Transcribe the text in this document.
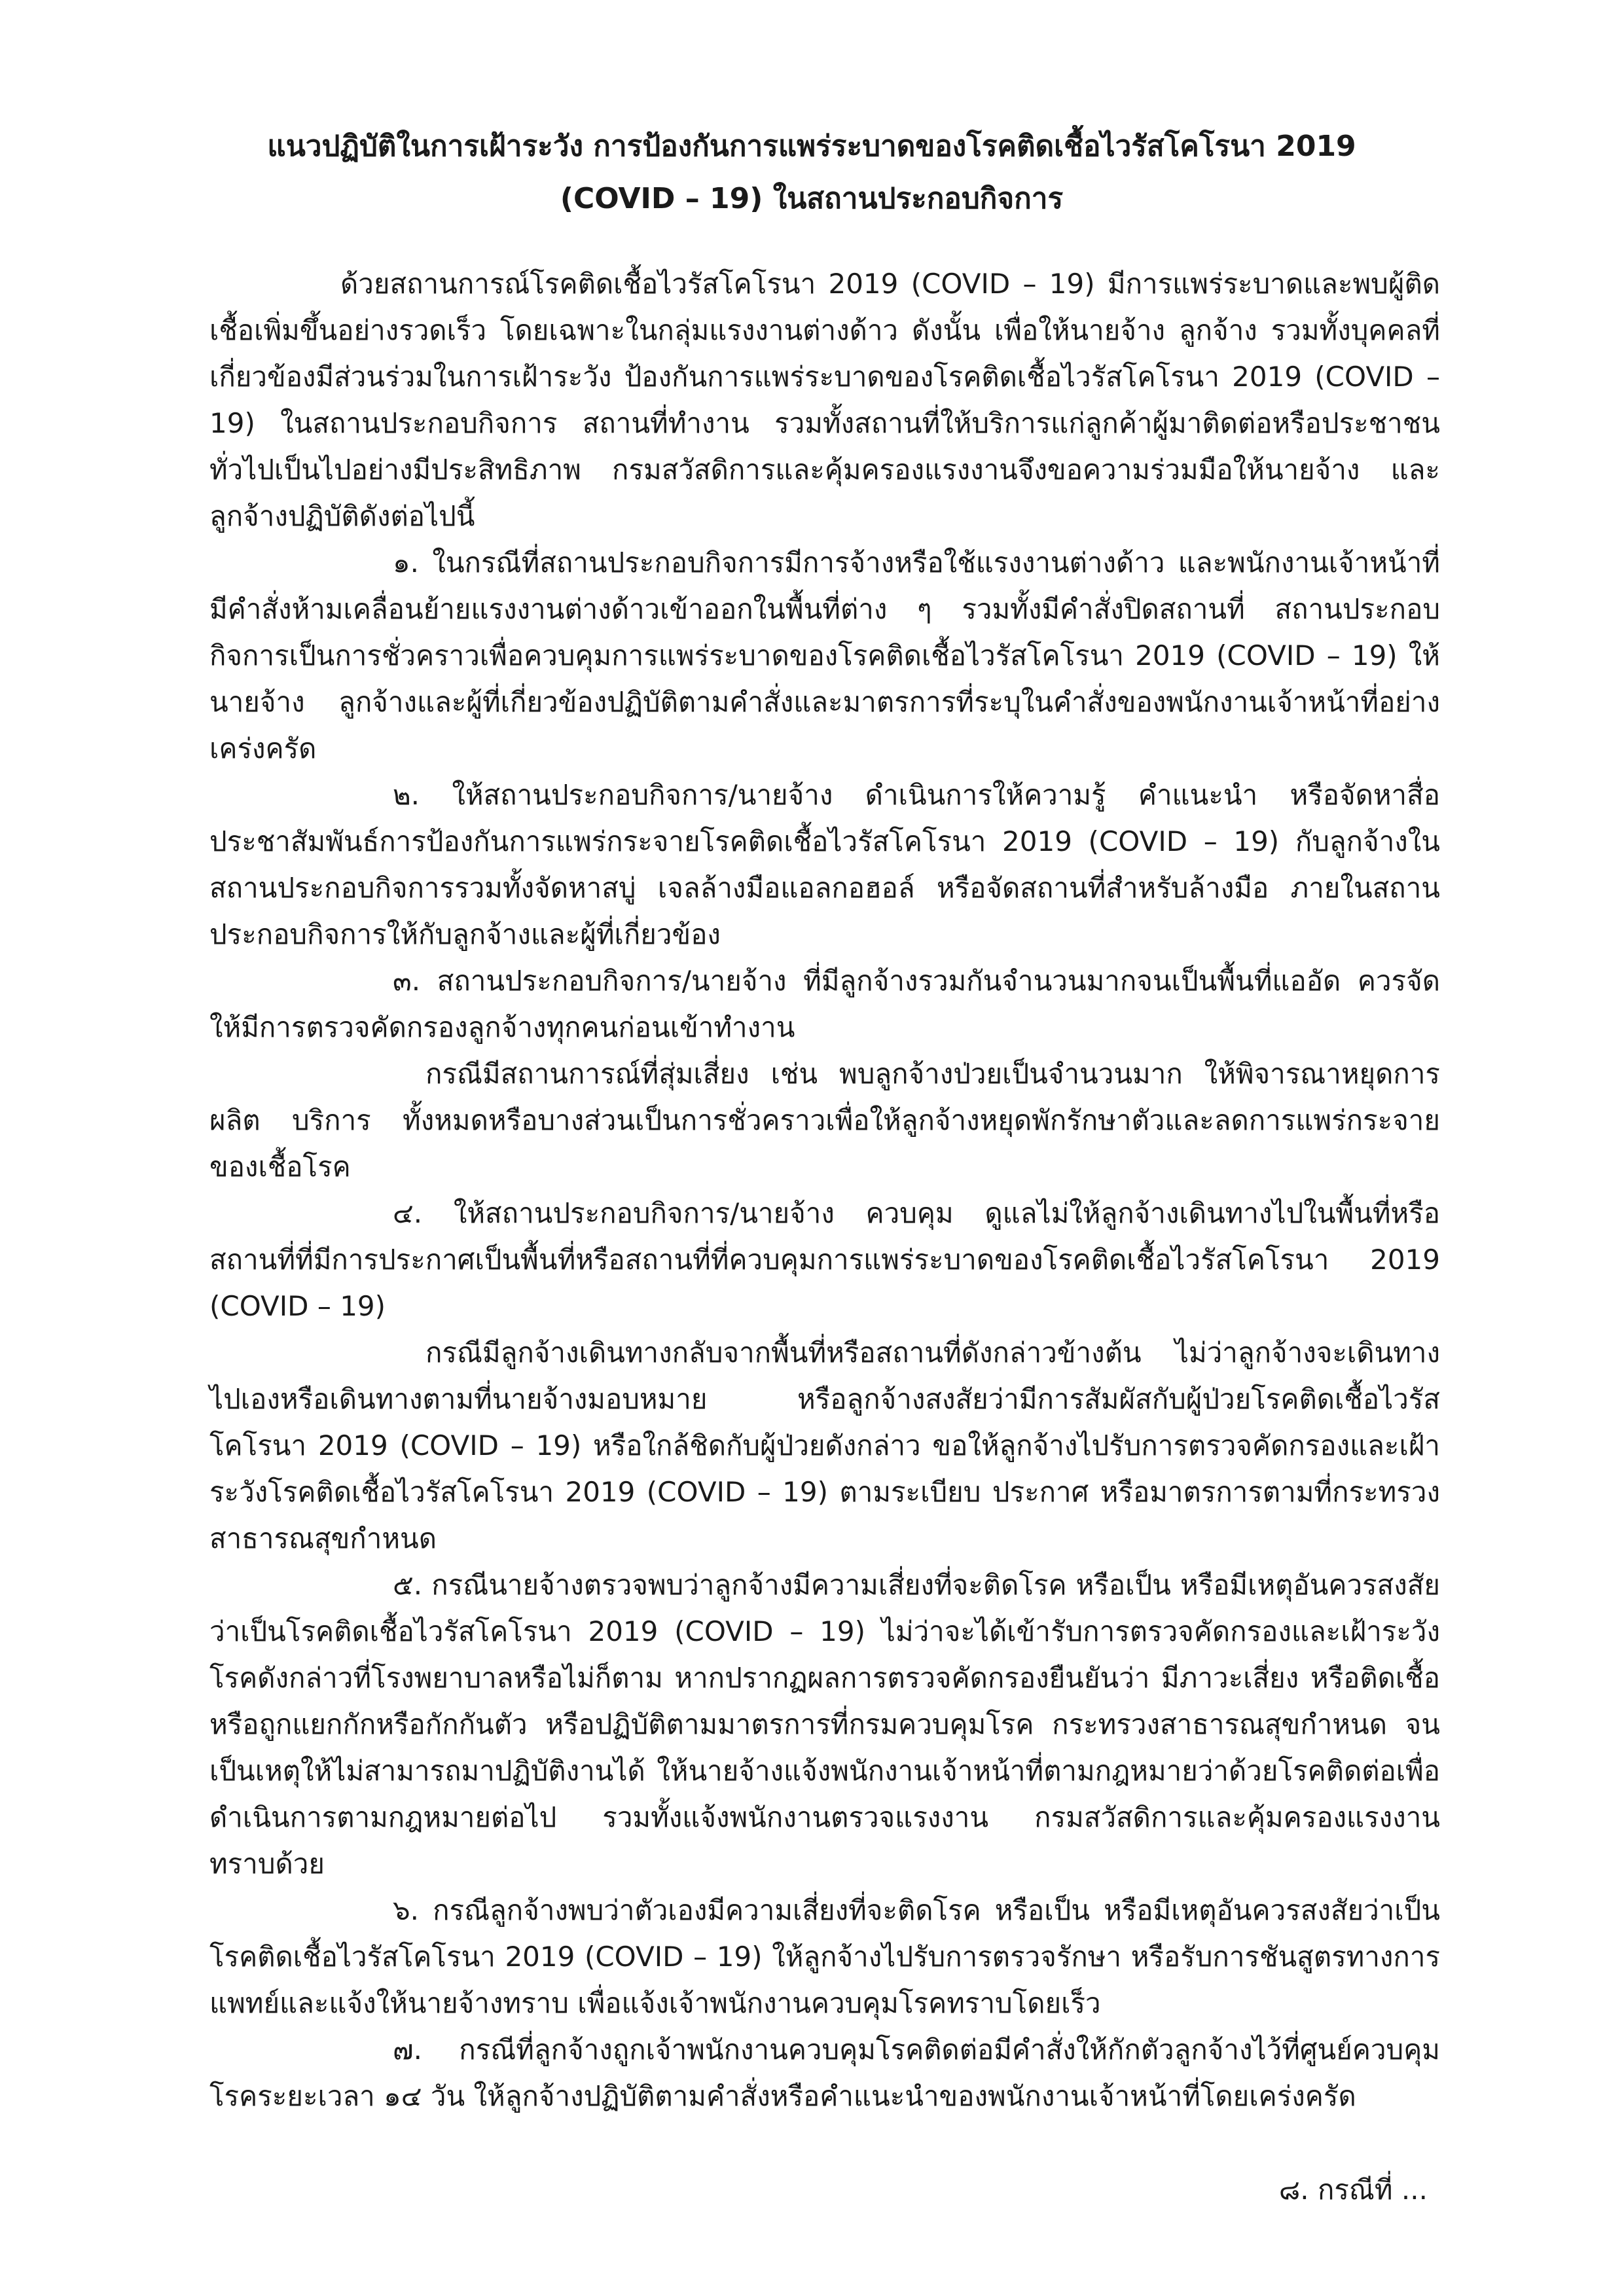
แนวปฏิบัติในการเฝ้าระวัง การป้องกันการแพร่ระบาดของโรคติดเชื้อไวรัสโคโรนา 2019
(COVID – 19) ในสถานประกอบกิจการ

ด้วยสถานการณ์โรคติดเชื้อไวรัสโคโรนา 2019 (COVID – 19) มีการแพร่ระบาดและพบผู้ติดเชื้อเพิ่มขึ้นอย่างรวดเร็ว โดยเฉพาะในกลุ่มแรงงานต่างด้าว ดังนั้น เพื่อให้นายจ้าง ลูกจ้าง รวมทั้งบุคคลที่เกี่ยวข้องมีส่วนร่วมในการเฝ้าระวัง ป้องกันการแพร่ระบาดของโรคติดเชื้อไวรัสโคโรนา 2019 (COVID – 19) ในสถานประกอบกิจการ สถานที่ทำงาน รวมทั้งสถานที่ให้บริการแก่ลูกค้าผู้มาติดต่อหรือประชาชนทั่วไปเป็นไปอย่างมีประสิทธิภาพ กรมสวัสดิการและคุ้มครองแรงงานจึงขอความร่วมมือให้นายจ้าง และลูกจ้างปฏิบัติดังต่อไปนี้

๑. ในกรณีที่สถานประกอบกิจการมีการจ้างหรือใช้แรงงานต่างด้าว และพนักงานเจ้าหน้าที่มีคำสั่งห้ามเคลื่อนย้ายแรงงานต่างด้าวเข้าออกในพื้นที่ต่าง ๆ รวมทั้งมีคำสั่งปิดสถานที่ สถานประกอบกิจการเป็นการชั่วคราวเพื่อควบคุมการแพร่ระบาดของโรคติดเชื้อไวรัสโคโรนา 2019 (COVID – 19) ให้นายจ้าง ลูกจ้างและผู้ที่เกี่ยวข้องปฏิบัติตามคำสั่งและมาตรการที่ระบุในคำสั่งของพนักงานเจ้าหน้าที่อย่างเคร่งครัด

๒. ให้สถานประกอบกิจการ/นายจ้าง ดำเนินการให้ความรู้ คำแนะนำ หรือจัดหาสื่อประชาสัมพันธ์การป้องกันการแพร่กระจายโรคติดเชื้อไวรัสโคโรนา 2019 (COVID – 19) กับลูกจ้างในสถานประกอบกิจการรวมทั้งจัดหาสบู่ เจลล้างมือแอลกอฮอล์ หรือจัดสถานที่สำหรับล้างมือ ภายในสถานประกอบกิจการให้กับลูกจ้างและผู้ที่เกี่ยวข้อง

๓. สถานประกอบกิจการ/นายจ้าง ที่มีลูกจ้างรวมกันจำนวนมากจนเป็นพื้นที่แออัด ควรจัดให้มีการตรวจคัดกรองลูกจ้างทุกคนก่อนเข้าทำงาน

กรณีมีสถานการณ์ที่สุ่มเสี่ยง เช่น พบลูกจ้างป่วยเป็นจำนวนมาก ให้พิจารณาหยุดการผลิต บริการ ทั้งหมดหรือบางส่วนเป็นการชั่วคราวเพื่อให้ลูกจ้างหยุดพักรักษาตัวและลดการแพร่กระจายของเชื้อโรค

๔. ให้สถานประกอบกิจการ/นายจ้าง ควบคุม ดูแลไม่ให้ลูกจ้างเดินทางไปในพื้นที่หรือสถานที่ที่มีการประกาศเป็นพื้นที่หรือสถานที่ที่ควบคุมการแพร่ระบาดของโรคติดเชื้อไวรัสโคโรนา 2019 (COVID – 19)

กรณีมีลูกจ้างเดินทางกลับจากพื้นที่หรือสถานที่ดังกล่าวข้างต้น ไม่ว่าลูกจ้างจะเดินทางไปเองหรือเดินทางตามที่นายจ้างมอบหมาย หรือลูกจ้างสงสัยว่ามีการสัมผัสกับผู้ป่วยโรคติดเชื้อไวรัสโคโรนา 2019 (COVID – 19) หรือใกล้ชิดกับผู้ป่วยดังกล่าว ขอให้ลูกจ้างไปรับการตรวจคัดกรองและเฝ้าระวังโรคติดเชื้อไวรัสโคโรนา 2019 (COVID – 19) ตามระเบียบ ประกาศ หรือมาตรการตามที่กระทรวงสาธารณสุขกำหนด

๕. กรณีนายจ้างตรวจพบว่าลูกจ้างมีความเสี่ยงที่จะติดโรค หรือเป็น หรือมีเหตุอันควรสงสัยว่าเป็นโรคติดเชื้อไวรัสโคโรนา 2019 (COVID – 19) ไม่ว่าจะได้เข้ารับการตรวจคัดกรองและเฝ้าระวังโรคดังกล่าวที่โรงพยาบาลหรือไม่ก็ตาม หากปรากฏผลการตรวจคัดกรองยืนยันว่า มีภาวะเสี่ยง หรือติดเชื้อหรือถูกแยกกักหรือกักกันตัว หรือปฏิบัติตามมาตรการที่กรมควบคุมโรค กระทรวงสาธารณสุขกำหนด จนเป็นเหตุให้ไม่สามารถมาปฏิบัติงานได้ ให้นายจ้างแจ้งพนักงานเจ้าหน้าที่ตามกฎหมายว่าด้วยโรคติดต่อเพื่อดำเนินการตามกฎหมายต่อไป รวมทั้งแจ้งพนักงานตรวจแรงงาน กรมสวัสดิการและคุ้มครองแรงงาน ทราบด้วย

๖. กรณีลูกจ้างพบว่าตัวเองมีความเสี่ยงที่จะติดโรค หรือเป็น หรือมีเหตุอันควรสงสัยว่าเป็นโรคติดเชื้อไวรัสโคโรนา 2019 (COVID – 19) ให้ลูกจ้างไปรับการตรวจรักษา หรือรับการชันสูตรทางการแพทย์และแจ้งให้นายจ้างทราบ เพื่อแจ้งเจ้าพนักงานควบคุมโรคทราบโดยเร็ว

๗. กรณีที่ลูกจ้างถูกเจ้าพนักงานควบคุมโรคติดต่อมีคำสั่งให้กักตัวลูกจ้างไว้ที่ศูนย์ควบคุมโรคระยะเวลา ๑๔ วัน ให้ลูกจ้างปฏิบัติตามคำสั่งหรือคำแนะนำของพนักงานเจ้าหน้าที่โดยเคร่งครัด

๘. กรณีที่ ...
